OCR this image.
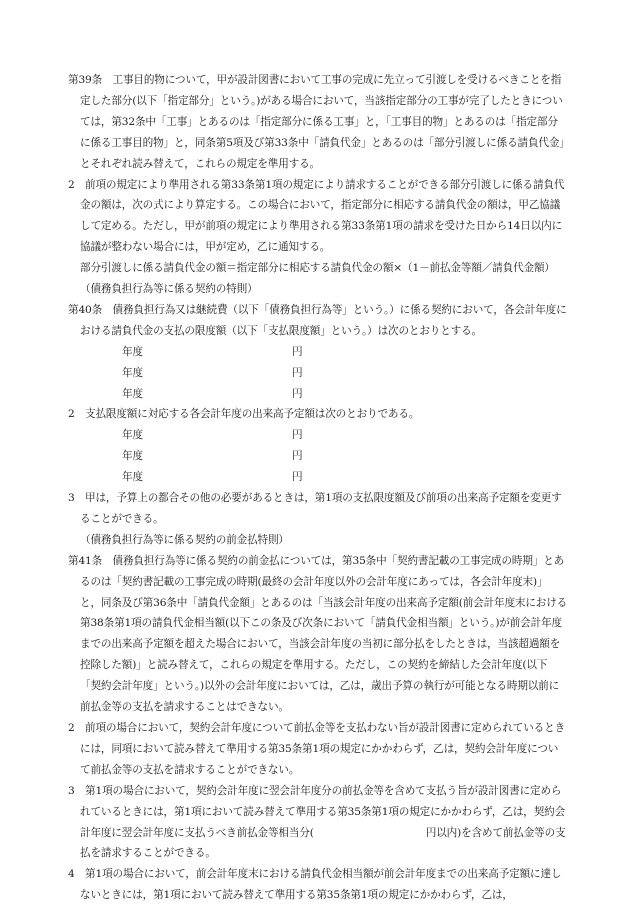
第39条　工事目的物について，甲が設計図書において工事の完成に先立って引渡しを受けるべきことを指定した部分(以下「指定部分」という。)がある場合において，当該指定部分の工事が完了したときについては，第32条中「工事」とあるのは「指定部分に係る工事」と，「工事目的物」とあるのは「指定部分に係る工事目的物」と，同条第5項及び第33条中「請負代金」とあるのは「部分引渡しに係る請負代金」とそれぞれ読み替えて，これらの規定を準用する。

2　前項の規定により準用される第33条第1項の規定により請求することができる部分引渡しに係る請負代金の額は，次の式により算定する。この場合において，指定部分に相応する請負代金の額は，甲乙協議して定める。ただし，甲が前項の規定により準用される第33条第1項の請求を受けた日から14日以内に協議が整わない場合には，甲が定め，乙に通知する。

部分引渡しに係る請負代金の額＝指定部分に相応する請負代金の額×（1－前払金等額／請負代金額）

（債務負担行為等に係る契約の特則）

第40条　債務負担行為又は継続費（以下「債務負担行為等」という。）に係る契約において，各会計年度における請負代金の支払の限度額（以下「支払限度額」という。）は次のとおりとする。

年度	円
年度	円
年度	円

2　支払限度額に対応する各会計年度の出来高予定額は次のとおりである。

年度	円
年度	円
年度	円

3　甲は，予算上の都合その他の必要があるときは，第1項の支払限度額及び前項の出来高予定額を変更することができる。

（債務負担行為等に係る契約の前金払特則）

第41条　債務負担行為等に係る契約の前金払については，第35条中「契約書記載の工事完成の時期」とあるのは「契約書記載の工事完成の時期(最終の会計年度以外の会計年度にあっては，各会計年度末)」と，同条及び第36条中「請負代金額」とあるのは「当該会計年度の出来高予定額(前会計年度末における第38条第1項の請負代金相当額(以下この条及び次条において「請負代金相当額」という。)が前会計年度までの出来高予定額を超えた場合において，当該会計年度の当初に部分払をしたときは，当該超過額を控除した額)」と読み替えて，これらの規定を準用する。ただし，この契約を締結した会計年度(以下「契約会計年度」という。)以外の会計年度においては，乙は，歳出予算の執行が可能となる時期以前に前払金等の支払を請求することはできない。

2　前項の場合において，契約会計年度について前払金等を支払わない旨が設計図書に定められているときには，同項において読み替えて準用する第35条第1項の規定にかかわらず，乙は，契約会計年度について前払金等の支払を請求することができない。

3　第1項の場合において，契約会計年度に翌会計年度分の前払金等を含めて支払う旨が設計図書に定められているときには，第1項において読み替えて準用する第35条第1項の規定にかかわらず，乙は，契約会計年度に翌会計年度に支払うべき前払金等相当分(	円以内)を含めて前払金等の支払を請求することができる。

4　第1項の場合において，前会計年度末における請負代金相当額が前会計年度までの出来高予定額に達しないときには，第1項において読み替えて準用する第35条第1項の規定にかかわらず，乙は，
